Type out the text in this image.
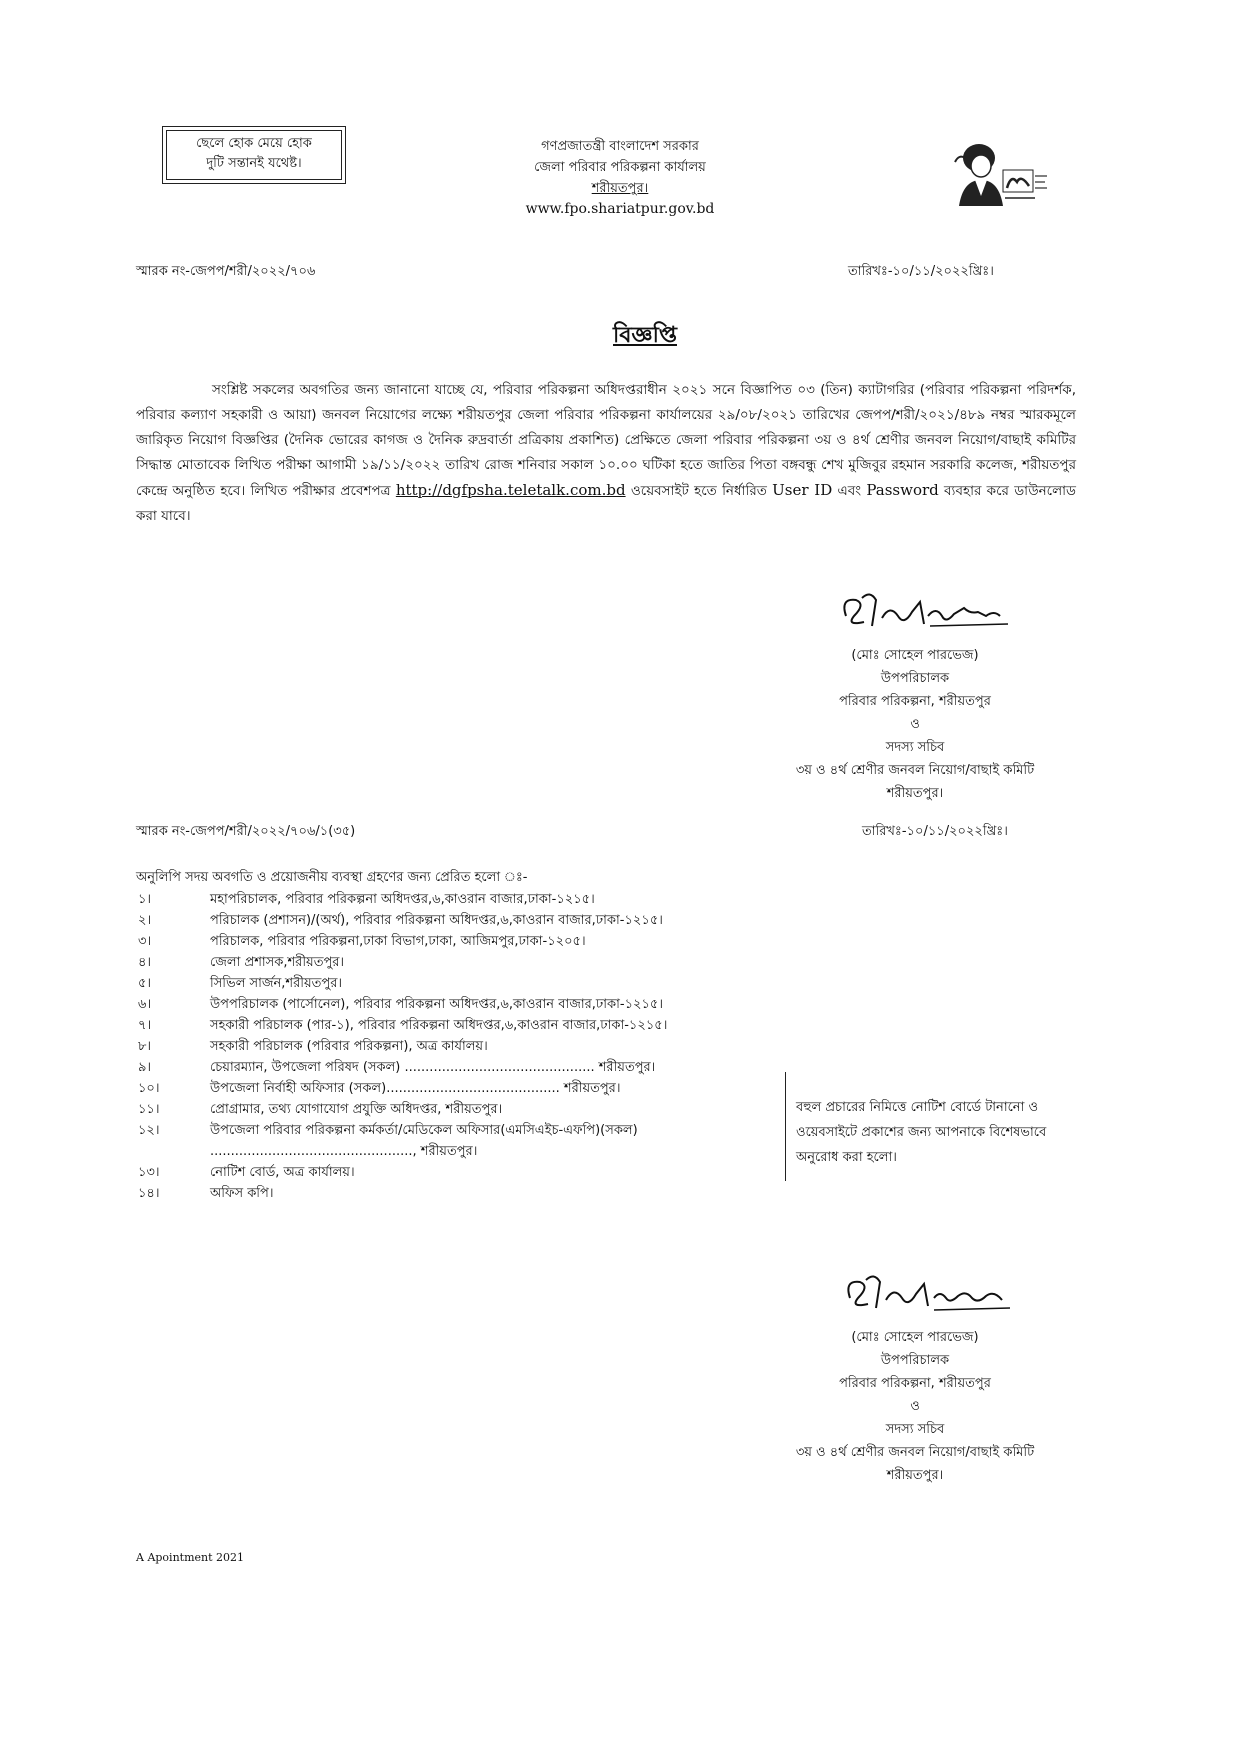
ছেলে হোক মেয়ে হোক
দুটি সন্তানই যথেষ্ট।
গণপ্রজাতন্ত্রী বাংলাদেশ সরকার
জেলা পরিবার পরিকল্পনা কার্যালয়
শরীয়তপুর।
www.fpo.shariatpur.gov.bd
স্মারক নং-জেপপ/শরী/২০২২/৭০৬	তারিখঃ-১০/১১/২০২২খ্রিঃ।
বিজ্ঞপ্তি
সংশ্লিষ্ট সকলের অবগতির জন্য জানানো যাচ্ছে যে, পরিবার পরিকল্পনা অধিদপ্তরাধীন ২০২১ সনে বিজ্ঞাপিত ০৩ (তিন) ক্যাটাগরির (পরিবার পরিকল্পনা পরিদর্শক, পরিবার কল্যাণ সহকারী ও আয়া) জনবল নিয়োগের লক্ষ্যে শরীয়তপুর জেলা পরিবার পরিকল্পনা কার্যালয়ের ২৯/০৮/২০২১ তারিখের জেপপ/শরী/২০২১/৪৮৯ নম্বর স্মারকমূলে জারিকৃত নিয়োগ বিজ্ঞপ্তির (দৈনিক ভোরের কাগজ ও দৈনিক রুদ্রবার্তা প্রত্রিকায় প্রকাশিত) প্রেক্ষিতে জেলা পরিবার পরিকল্পনা ৩য় ও ৪র্থ শ্রেণীর জনবল নিয়োগ/বাছাই কমিটির সিদ্ধান্ত মোতাবেক লিখিত পরীক্ষা আগামী ১৯/১১/২০২২ তারিখ রোজ শনিবার সকাল ১০.০০ ঘটিকা হতে জাতির পিতা বঙ্গবন্ধু শেখ মুজিবুর রহমান সরকারি কলেজ, শরীয়তপুর কেন্দ্রে অনুষ্ঠিত হবে। লিখিত পরীক্ষার প্রবেশপত্র http://dgfpsha.teletalk.com.bd ওয়েবসাইট হতে নির্ধারিত User ID এবং Password ব্যবহার করে ডাউনলোড করা যাবে।
(মোঃ সোহেল পারভেজ)
উপপরিচালক
পরিবার পরিকল্পনা, শরীয়তপুর
ও
সদস্য সচিব
৩য় ও ৪র্থ শ্রেণীর জনবল নিয়োগ/বাছাই কমিটি
শরীয়তপুর।
স্মারক নং-জেপপ/শরী/২০২২/৭০৬/১(৩৫)	তারিখঃ-১০/১১/২০২২খ্রিঃ।
অনুলিপি সদয় অবগতি ও প্রয়োজনীয় ব্যবস্থা গ্রহণের জন্য প্রেরিত হলো ঃ-
১।	মহাপরিচালক, পরিবার পরিকল্পনা অধিদপ্তর,৬,কাওরান বাজার,ঢাকা-১২১৫।
২।	পরিচালক (প্রশাসন)/(অর্থ), পরিবার পরিকল্পনা অধিদপ্তর,৬,কাওরান বাজার,ঢাকা-১২১৫।
৩।	পরিচালক, পরিবার পরিকল্পনা,ঢাকা বিভাগ,ঢাকা, আজিমপুর,ঢাকা-১২০৫।
৪।	জেলা প্রশাসক,শরীয়তপুর।
৫।	সিভিল সার্জন,শরীয়তপুর।
৬।	উপপরিচালক (পার্সোনেল), পরিবার পরিকল্পনা অধিদপ্তর,৬,কাওরান বাজার,ঢাকা-১২১৫।
৭।	সহকারী পরিচালক (পার-১), পরিবার পরিকল্পনা অধিদপ্তর,৬,কাওরান বাজার,ঢাকা-১২১৫।
৮।	সহকারী পরিচালক (পরিবার পরিকল্পনা), অত্র কার্যালয়।
৯।	চেয়ারম্যান, উপজেলা পরিষদ (সকল) .............................................. শরীয়তপুর।
১০।	উপজেলা নির্বাহী অফিসার (সকল).......................................... শরীয়তপুর।
১১।	প্রোগ্রামার, তথ্য যোগাযোগ প্রযুক্তি অধিদপ্তর, শরীয়তপুর।
১২।	উপজেলা পরিবার পরিকল্পনা কর্মকর্তা/মেডিকেল অফিসার(এমসিএইচ-এফপি)(সকল) ................................................., শরীয়তপুর।
১৩।	নোটিশ বোর্ড, অত্র কার্যালয়।
১৪।	অফিস কপি।
বহুল প্রচারের নিমিত্তে নোটিশ বোর্ডে টানানো ও ওয়েবসাইটে প্রকাশের জন্য আপনাকে বিশেষভাবে অনুরোধ করা হলো।
(মোঃ সোহেল পারভেজ)
উপপরিচালক
পরিবার পরিকল্পনা, শরীয়তপুর
ও
সদস্য সচিব
৩য় ও ৪র্থ শ্রেণীর জনবল নিয়োগ/বাছাই কমিটি
শরীয়তপুর।
A Apointment 2021
